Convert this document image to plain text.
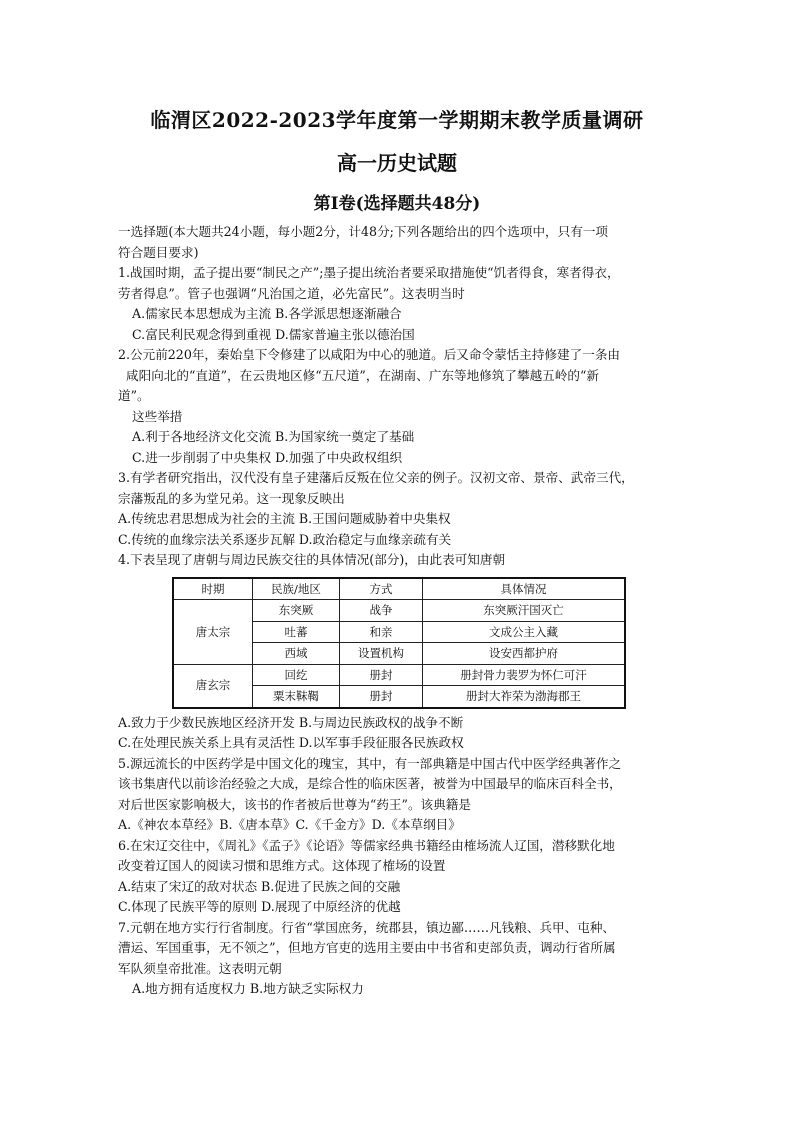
临渭区2022-2023学年度第一学期期末教学质量调研
高一历史试题
第I卷(选择题共48分)
一选择题(本大题共24小题，每小题2分，计48分;下列各题给出的四个选项中，只有一项
符合题目要求)
1.战国时期，孟子提出要“制民之产”;墨子提出统治者要采取措施使“饥者得食，寒者得衣，
劳者得息”。管子也强调“凡治国之道，必先富民”。这表明当时
A.儒家民本思想成为主流 B.各学派思想逐渐融合
C.富民利民观念得到重视 D.儒家普遍主张以德治国
2.公元前220年，秦始皇下令修建了以咸阳为中心的驰道。后又命令蒙恬主持修建了一条由
咸阳向北的“直道”，在云贵地区修“五尺道”，在湖南、广东等地修筑了攀越五岭的“新
道”。
这些举措
A.利于各地经济文化交流 B.为国家统一奠定了基础
C.进一步削弱了中央集权 D.加强了中央政权组织
3.有学者研究指出，汉代没有皇子建藩后反叛在位父亲的例子。汉初文帝、景帝、武帝三代，
宗藩叛乱的多为堂兄弟。这一现象反映出
A.传统忠君思想成为社会的主流 B.王国问题威胁着中央集权
C.传统的血缘宗法关系逐步瓦解 D.政治稳定与血缘亲疏有关
4.下表呈现了唐朝与周边民族交往的具体情况(部分)，由此表可知唐朝
时期	民族/地区	方式	具体情况
唐太宗	东突厥	战争	东突厥汗国灭亡
	吐蕃	和亲	文成公主入藏
	西域	设置机构	设安西都护府
唐玄宗	回纥	册封	册封骨力裴罗为怀仁可汗
	粟末靺鞨	册封	册封大祚荣为渤海郡王
A.致力于少数民族地区经济开发 B.与周边民族政权的战争不断
C.在处理民族关系上具有灵活性 D.以军事手段征服各民族政权
5.源远流长的中医药学是中国文化的瑰宝，其中，有一部典籍是中国古代中医学经典著作之
该书集唐代以前诊治经验之大成，是综合性的临床医著，被誉为中国最早的临床百科全书，
对后世医家影响极大，该书的作者被后世尊为“药王”。该典籍是
A.《神农本草经》B.《唐本草》C.《千金方》D.《本草纲目》
6.在宋辽交往中，《周礼》《孟子》《论语》等儒家经典书籍经由榷场流人辽国，潜移默化地
改变着辽国人的阅读习惯和思维方式。这体现了榷场的设置
A.结束了宋辽的敌对状态 B.促进了民族之间的交融
C.体现了民族平等的原则 D.展现了中原经济的优越
7.元朝在地方实行行省制度。行省“掌国庶务，统郡县，镇边鄙……凡钱粮、兵甲、屯种、
漕运、军国重事，无不领之”，但地方官吏的选用主要由中书省和吏部负责，调动行省所属
军队须皇帝批准。这表明元朝
A.地方拥有适度权力 B.地方缺乏实际权力
